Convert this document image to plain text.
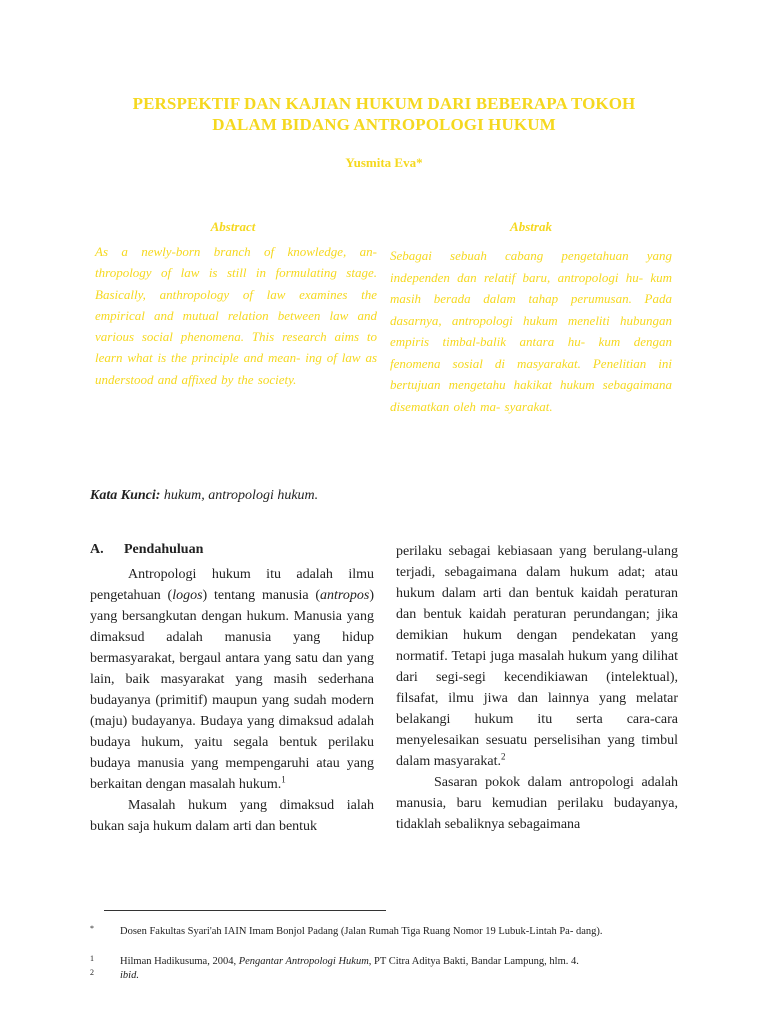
PERSPEKTIF DAN KAJIAN HUKUM DARI BEBERAPA TOKOH
DALAM BIDANG ANTROPOLOGI HUKUM
Yusmita Eva*
Abstract
As a newly-born branch of knowledge, an- thropology of law is still in formulating stage. Basically, anthropology of law examines the empirical and mutual relation between law and various social phenomena. This research aims to learn what is the principle and mean- ing of law as understood and affixed by the society.
Abstrak
Sebagai sebuah cabang pengetahuan yang independen dan relatif baru, antropologi hu- kum masih berada dalam tahap perumusan. Pada dasarnya, antropologi hukum meneliti hubungan empiris timbal-balik antara hu- kum dengan fenomena sosial di masyarakat. Penelitian ini bertujuan mengetahu hakikat hukum sebagaimana disematkan oleh ma- syarakat.
Kata Kunci: hukum, antropologi hukum.
A. Pendahuluan

Antropologi hukum itu adalah ilmu pengetahuan (logos) tentang manusia (antropos) yang bersangkutan dengan hukum. Manusia yang dimaksud adalah manusia yang hidup bermasyarakat, bergaul antara yang satu dan yang lain, baik masyarakat yang masih sederhana budayanya (primitif) maupun yang sudah modern (maju) budayanya. Budaya yang dimaksud adalah budaya hukum, yaitu segala bentuk perilaku budaya manusia yang mempengaruhi atau yang berkaitan dengan masalah hukum.$^1$

Masalah hukum yang dimaksud ialah bukan saja hukum dalam arti dan bentuk

perilaku sebagai kebiasaan yang berulang-ulang terjadi, sebagaimana dalam hukum adat; atau hukum dalam arti dan bentuk kaidah peraturan dan bentuk kaidah peraturan perundangan; jika demikian hukum dengan pendekatan yang normatif. Tetapi juga masalah hukum yang dilihat dari segi-segi kecendikiawan (intelektual), filsafat, ilmu jiwa dan lainnya yang melatar belakangi hukum itu serta cara-cara menyelesaikan sesuatu perselisihan yang timbul dalam masyarakat.$^2$

Sasaran pokok dalam antropologi adalah manusia, baru kemudian perilaku budayanya, tidaklah sebaliknya sebagaimana

*	Dosen Fakultas Syari'ah IAIN Imam Bonjol Padang (Jalan Rumah Tiga Ruang Nomor 19 Lubuk-Lintah Pa- dang).
1	Hilman Hadikusuma, 2004, Pengantar Antropologi Hukum, PT Citra Aditya Bakti, Bandar Lampung, hlm. 4.
2	ibid.
